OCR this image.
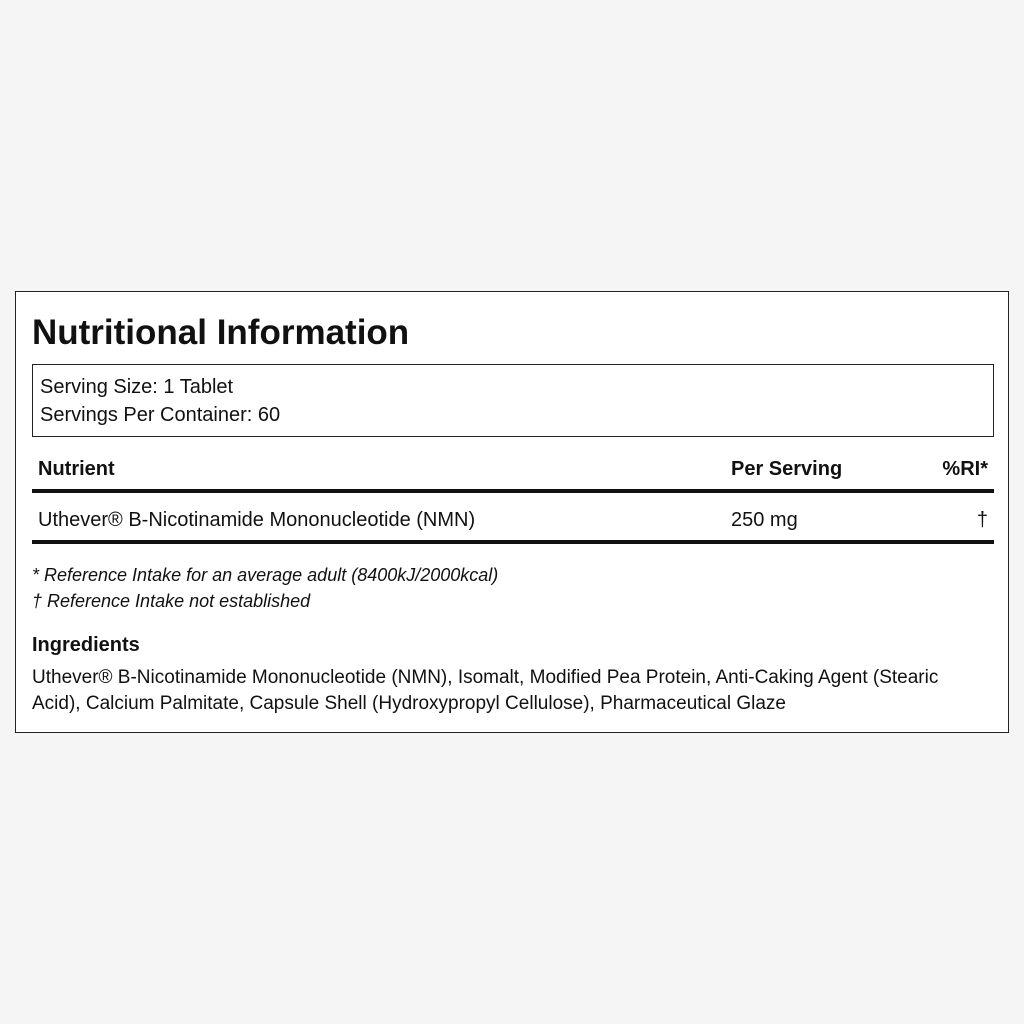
Nutritional Information
Serving Size: 1 Tablet
Servings Per Container: 60
Nutrient	Per Serving	%RI*
Uthever® B-Nicotinamide Mononucleotide (NMN)	250 mg	†
* Reference Intake for an average adult (8400kJ/2000kcal)
† Reference Intake not established
Ingredients

Uthever® B-Nicotinamide Mononucleotide (NMN), Isomalt, Modified Pea Protein, Anti-Caking Agent (Stearic Acid), Calcium Palmitate, Capsule Shell (Hydroxypropyl Cellulose), Pharmaceutical Glaze
